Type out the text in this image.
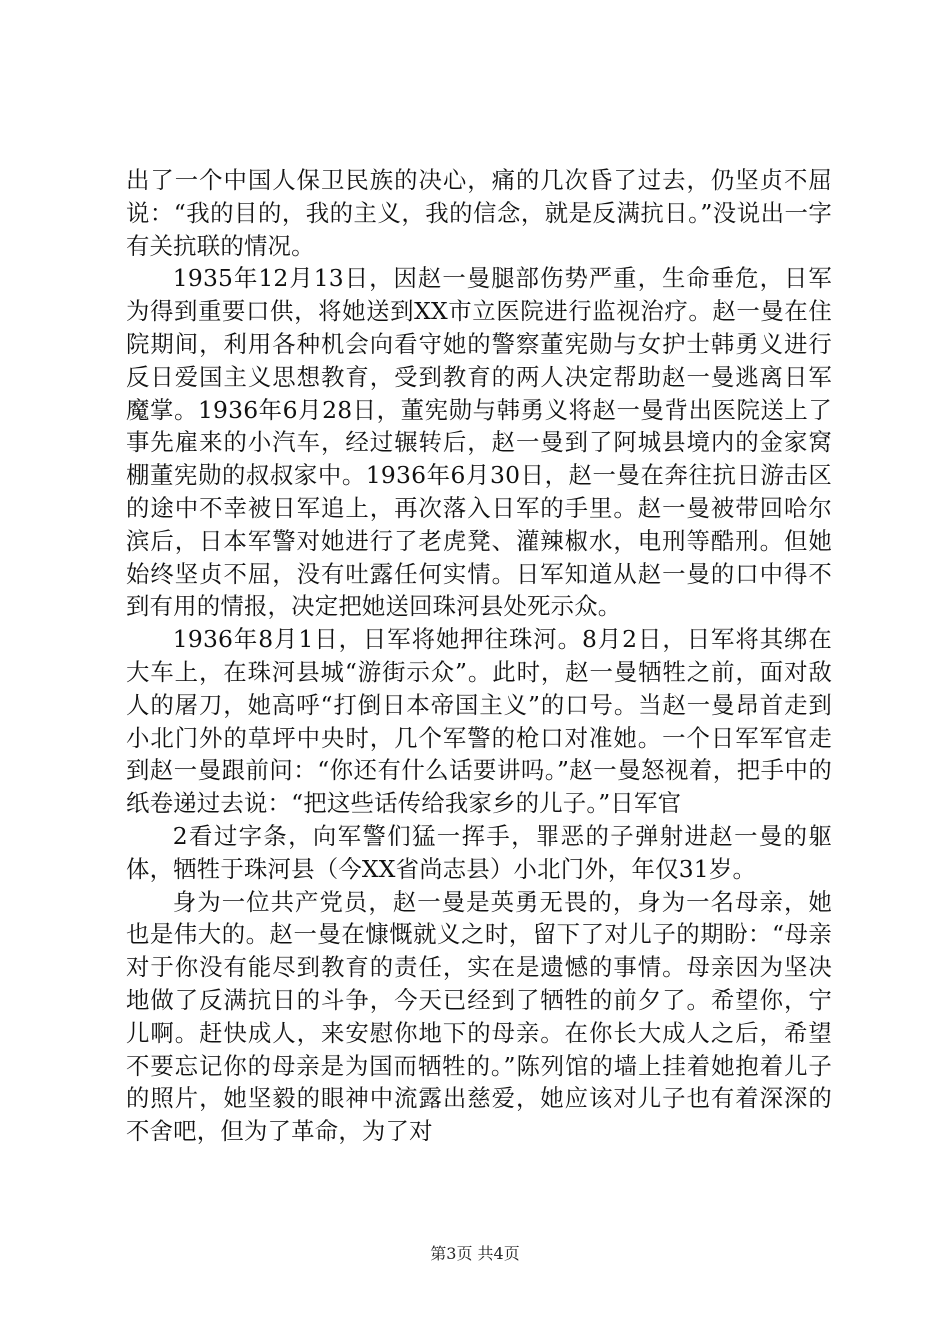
出了一个中国人保卫民族的决心，痛的几次昏了过去，仍坚贞不屈说：“我的目的，我的主义，我的信念，就是反满抗日。”没说出一字有关抗联的情况。

1935年12月13日，因赵一曼腿部伤势严重，生命垂危，日军为得到重要口供，将她送到XX市立医院进行监视治疗。赵一曼在住院期间，利用各种机会向看守她的警察董宪勋与女护士韩勇义进行反日爱国主义思想教育，受到教育的两人决定帮助赵一曼逃离日军魔掌。1936年6月28日，董宪勋与韩勇义将赵一曼背出医院送上了事先雇来的小汽车，经过辗转后，赵一曼到了阿城县境内的金家窝棚董宪勋的叔叔家中。1936年6月30日，赵一曼在奔往抗日游击区的途中不幸被日军追上，再次落入日军的手里。赵一曼被带回哈尔滨后，日本军警对她进行了老虎凳、灌辣椒水，电刑等酷刑。但她始终坚贞不屈，没有吐露任何实情。日军知道从赵一曼的口中得不到有用的情报，决定把她送回珠河县处死示众。

1936年8月1日，日军将她押往珠河。8月2日，日军将其绑在大车上，在珠河县城“游街示众”。此时，赵一曼牺牲之前，面对敌人的屠刀，她高呼“打倒日本帝国主义”的口号。当赵一曼昂首走到小北门外的草坪中央时，几个军警的枪口对准她。一个日军军官走到赵一曼跟前问：“你还有什么话要讲吗。”赵一曼怒视着，把手中的纸卷递过去说：“把这些话传给我家乡的儿子。”日军官

2看过字条，向军警们猛一挥手，罪恶的子弹射进赵一曼的躯体，牺牲于珠河县（今XX省尚志县）小北门外，年仅31岁。

身为一位共产党员，赵一曼是英勇无畏的，身为一名母亲，她也是伟大的。赵一曼在慷慨就义之时，留下了对儿子的期盼：“母亲对于你没有能尽到教育的责任，实在是遗憾的事情。母亲因为坚决地做了反满抗日的斗争，今天已经到了牺牲的前夕了。希望你，宁儿啊。赶快成人，来安慰你地下的母亲。在你长大成人之后，希望不要忘记你的母亲是为国而牺牲的。”陈列馆的墙上挂着她抱着儿子的照片，她坚毅的眼神中流露出慈爱，她应该对儿子也有着深深的不舍吧，但为了革命，为了对

第3页 共4页
